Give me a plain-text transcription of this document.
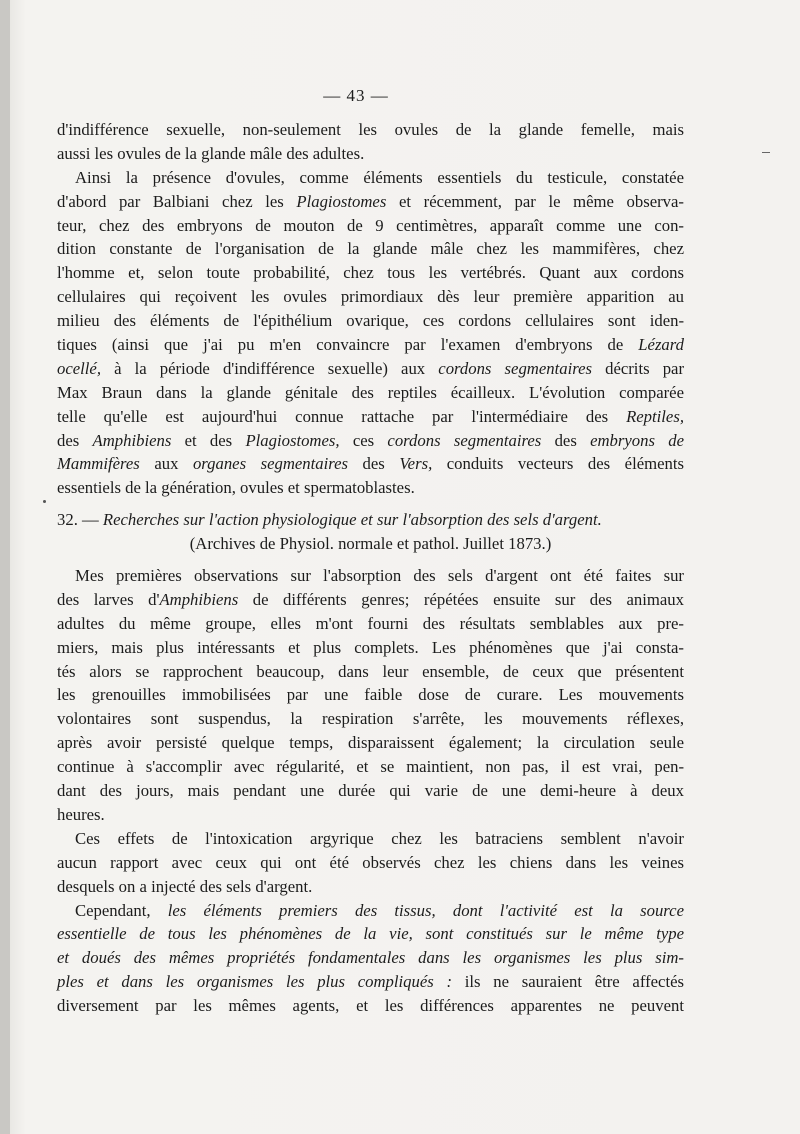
— 43 —
d'indifférence sexuelle, non-seulement les ovules de la glande femelle, mais
aussi les ovules de la glande mâle des adultes.
Ainsi la présence d'ovules, comme éléments essentiels du testicule, constatée
d'abord par Balbiani chez les Plagiostomes et récemment, par le même observa-
teur, chez des embryons de mouton de 9 centimètres, apparaît comme une con-
dition constante de l'organisation de la glande mâle chez les mammifères, chez
l'homme et, selon toute probabilité, chez tous les vertébrés. Quant aux cordons
cellulaires qui reçoivent les ovules primordiaux dès leur première apparition au
milieu des éléments de l'épithélium ovarique, ces cordons cellulaires sont iden-
tiques (ainsi que j'ai pu m'en convaincre par l'examen d'embryons de Lézard
ocellé, à la période d'indifférence sexuelle) aux cordons segmentaires décrits par
Max Braun dans la glande génitale des reptiles écailleux. L'évolution comparée
telle qu'elle est aujourd'hui connue rattache par l'intermédiaire des Reptiles,
des Amphibiens et des Plagiostomes, ces cordons segmentaires des embryons de
Mammifères aux organes segmentaires des Vers, conduits vecteurs des éléments
essentiels de la génération, ovules et spermatoblastes.
32. — Recherches sur l'action physiologique et sur l'absorption des sels d'argent.
(Archives de Physiol. normale et pathol. Juillet 1873.)
Mes premières observations sur l'absorption des sels d'argent ont été faites sur
des larves d'Amphibiens de différents genres; répétées ensuite sur des animaux
adultes du même groupe, elles m'ont fourni des résultats semblables aux pre-
miers, mais plus intéressants et plus complets. Les phénomènes que j'ai consta-
tés alors se rapprochent beaucoup, dans leur ensemble, de ceux que présentent
les grenouilles immobilisées par une faible dose de curare. Les mouvements
volontaires sont suspendus, la respiration s'arrête, les mouvements réflexes,
après avoir persisté quelque temps, disparaissent également; la circulation seule
continue à s'accomplir avec régularité, et se maintient, non pas, il est vrai, pen-
dant des jours, mais pendant une durée qui varie de une demi-heure à deux
heures.
Ces effets de l'intoxication argyrique chez les batraciens semblent n'avoir
aucun rapport avec ceux qui ont été observés chez les chiens dans les veines
desquels on a injecté des sels d'argent.
Cependant, les éléments premiers des tissus, dont l'activité est la source
essentielle de tous les phénomènes de la vie, sont constitués sur le même type
et doués des mêmes propriétés fondamentales dans les organismes les plus sim-
ples et dans les organismes les plus compliqués : ils ne sauraient être affectés
diversement par les mêmes agents, et les différences apparentes ne peuvent
